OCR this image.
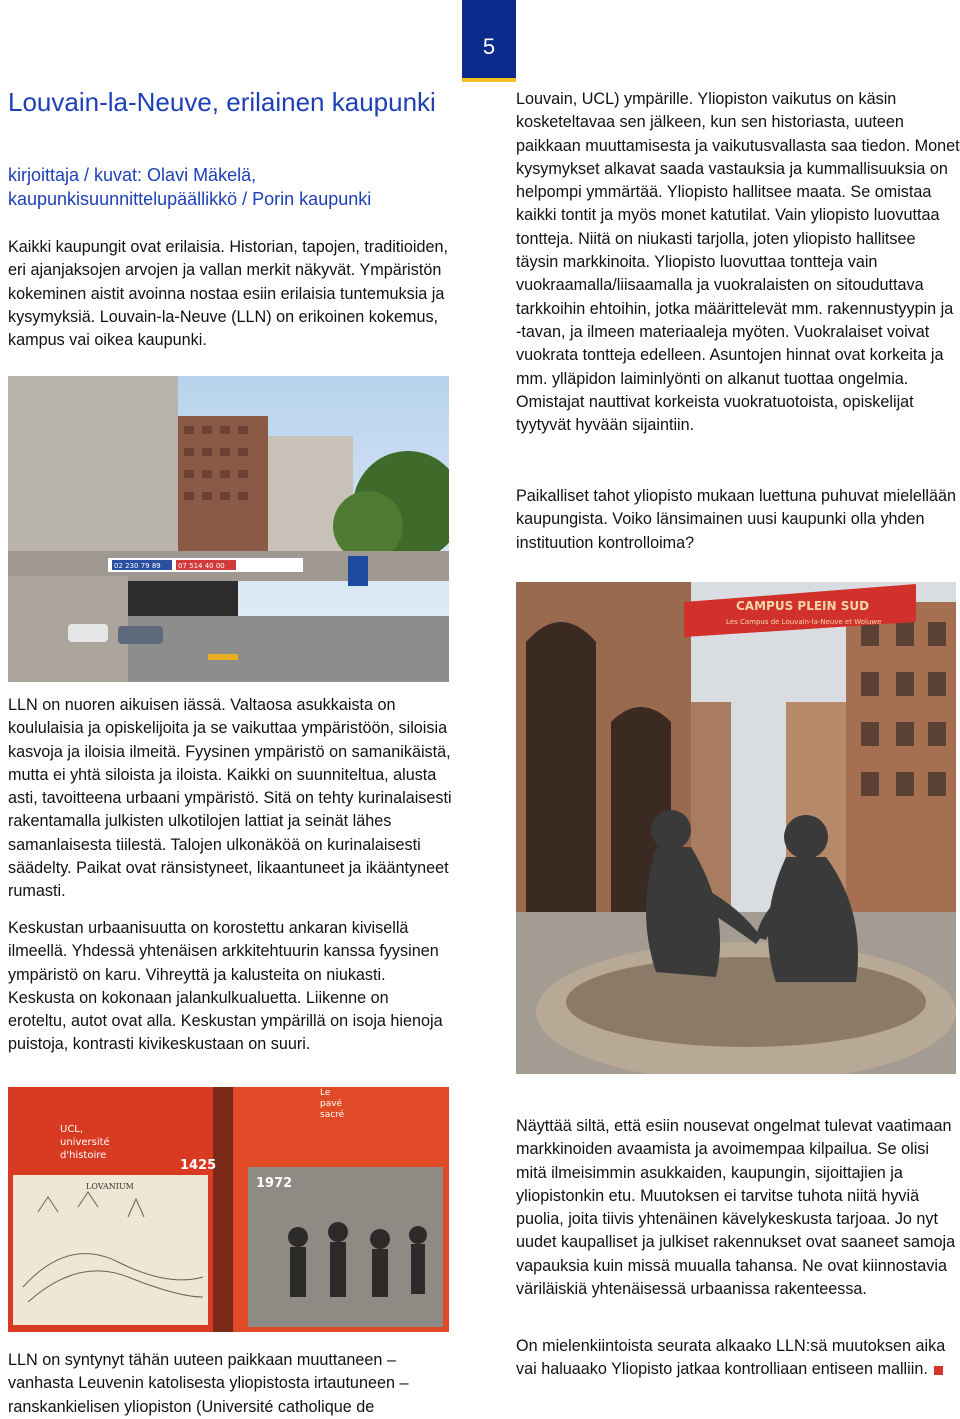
5
Louvain-la-Neuve, erilainen kaupunki

kirjoittaja / kuvat: Olavi Mäkelä, kaupunkisuunnittelupäällikkö / Porin kaupunki

Kaikki kaupungit ovat erilaisia. Historian, tapojen, traditioiden, eri ajanjaksojen arvojen ja vallan merkit näkyvät. Ympäristön kokeminen aistit avoinna nostaa esiin erilaisia tuntemuksia ja kysymyksiä. Louvain-la-Neuve (LLN) on erikoinen kokemus, kampus vai oikea kaupunki.

02 230 79 89 07 514 40 00

LLN on nuoren aikuisen iässä. Valtaosa asukkaista on koululaisia ja opiskelijoita ja se vaikuttaa ympäristöön, siloisia kasvoja ja iloisia ilmeitä. Fyysinen ympäristö on samanikäistä, mutta ei yhtä siloista ja iloista. Kaikki on suunniteltua, alusta asti, tavoitteena urbaani ympäristö. Sitä on tehty kurinalaisesti rakentamalla julkisten ulkotilojen lattiat ja seinät lähes samanlaisesta tiilestä. Talojen ulkonäköä on kurinalaisesti säädelty. Paikat ovat ränsistyneet, likaantuneet ja ikääntyneet rumasti.

Keskustan urbaanisuutta on korostettu ankaran kivisellä ilmeellä. Yhdessä yhtenäisen arkkitehtuurin kanssa fyysinen ympäristö on karu. Vihreyttä ja kalusteita on niukasti. Keskusta on kokonaan jalankulkualuetta. Liikenne on eroteltu, autot ovat alla. Keskustan ympärillä on isoja hienoja puistoja, kontrasti kivikeskustaan on suuri.

UCL,
université
d'histoire
1425
LOVANIUM
Le
pavé
sacré
1972

LLN on syntynyt tähän uuteen paikkaan muuttaneen – vanhasta Leuvenin katolisesta yliopistosta irtautuneen – ranskankielisen yliopiston (Université catholique de

Louvain, UCL) ympärille. Yliopiston vaikutus on käsin kosketeltavaa sen jälkeen, kun sen historiasta, uuteen paikkaan muuttamisesta ja vaikutusvallasta saa tiedon. Monet kysymykset alkavat saada vastauksia ja kummallisuuksia on helpompi ymmärtää. Yliopisto hallitsee maata. Se omistaa kaikki tontit ja myös monet katutilat. Vain yliopisto luovuttaa tontteja. Niitä on niukasti tarjolla, joten yliopisto hallitsee täysin markkinoita. Yliopisto luovuttaa tontteja vain vuokraamalla/liisaamalla ja vuokralaisten on sitouduttava tarkkoihin ehtoihin, jotka määrittelevät mm. rakennustyypin ja -tavan, ja ilmeen materiaaleja myöten. Vuokralaiset voivat vuokrata tontteja edelleen. Asuntojen hinnat ovat korkeita ja mm. ylläpidon laiminlyönti on alkanut tuottaa ongelmia. Omistajat nauttivat korkeista vuokratuotoista, opiskelijat tyytyvät hyvään sijaintiin.

Paikalliset tahot yliopisto mukaan luettuna puhuvat mielellään kaupungista. Voiko länsimainen uusi kaupunki olla yhden instituution kontrolloima?

CAMPUS PLEIN SUD
Les Campus de Louvain-la-Neuve et Woluwe

Näyttää siltä, että esiin nousevat ongelmat tulevat vaatimaan markkinoiden avaamista ja avoimempaa kilpailua. Se olisi mitä ilmeisimmin asukkaiden, kaupungin, sijoittajien ja yliopistonkin etu. Muutoksen ei tarvitse tuhota niitä hyviä puolia, joita tiivis yhtenäinen kävelykeskusta tarjoaa. Jo nyt uudet kaupalliset ja julkiset rakennukset ovat saaneet samoja vapauksia kuin missä muualla tahansa. Ne ovat kiinnostavia väriläiskiä yhtenäisessä urbaanissa rakenteessa.

On mielenkiintoista seurata alkaako LLN:sä muutoksen aika vai haluaako Yliopisto jatkaa kontrolliaan entiseen malliin.
